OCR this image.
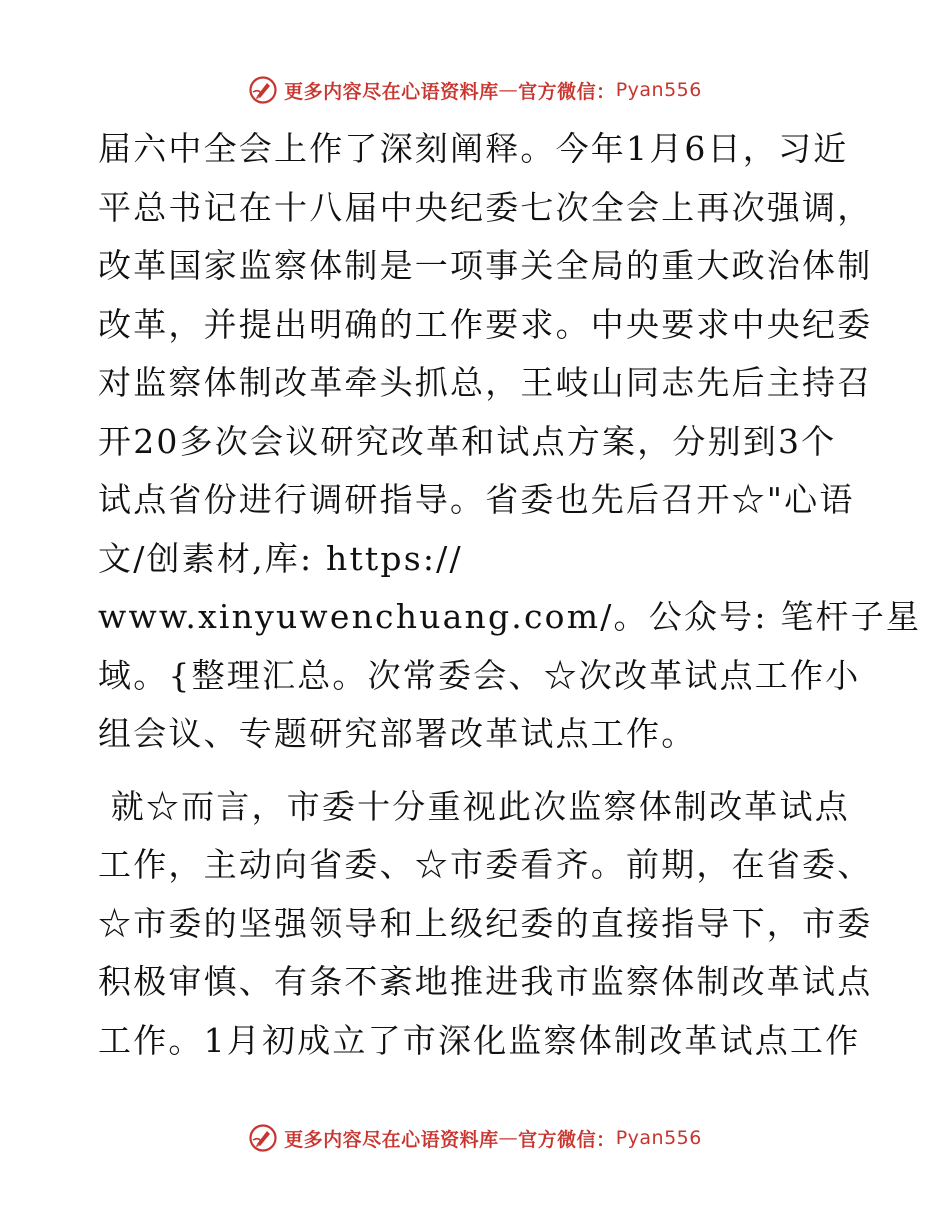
更多内容尽在心语资料库 — 官方微信： Pyan556

届六中全会上作了深刻阐释。今年1月6日，习近
平总书记在十八届中央纪委七次全会上再次强调，
改革国家监察体制是一项事关全局的重大政治体制
改革，并提出明确的工作要求。中央要求中央纪委
对监察体制改革牵头抓总，王岐山同志先后主持召
开20多次会议研究改革和试点方案，分别到3个
试点省份进行调研指导。省委也先后召开☆"心语
文/创素材,库: https://
www.xinyuwenchuang.com/。公众号: 笔杆子星
域。{整理汇总。次常委会、☆次改革试点工作小
组会议、专题研究部署改革试点工作。

就☆而言，市委十分重视此次监察体制改革试点
工作，主动向省委、☆市委看齐。前期，在省委、
☆市委的坚强领导和上级纪委的直接指导下，市委
积极审慎、有条不紊地推进我市监察体制改革试点
工作。1月初成立了市深化监察体制改革试点工作

更多内容尽在心语资料库 — 官方微信： Pyan556
